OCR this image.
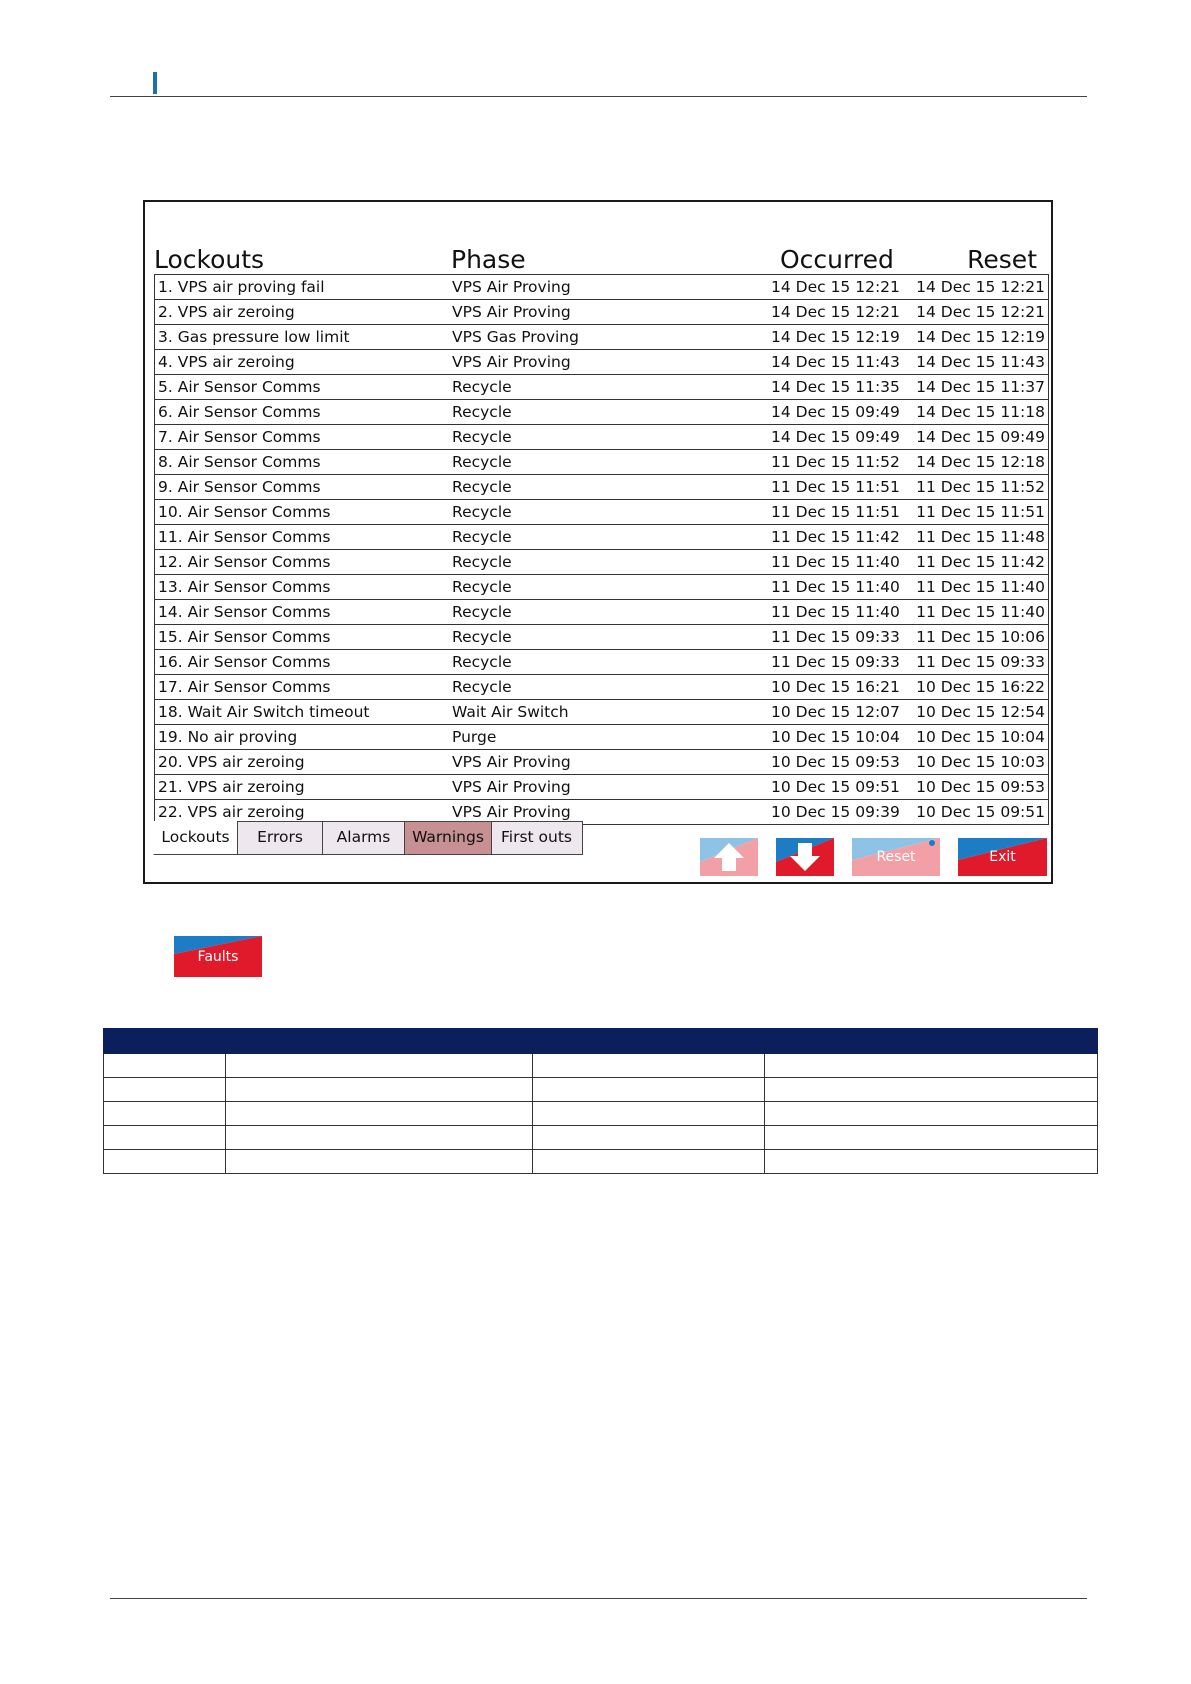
Lockouts	Phase	Occurred	Reset
1. VPS air proving fail	VPS Air Proving	14 Dec 15 12:21 14 Dec 15 12:21
2. VPS air zeroing	VPS Air Proving	14 Dec 15 12:21 14 Dec 15 12:21
3. Gas pressure low limit	VPS Gas Proving	14 Dec 15 12:19 14 Dec 15 12:19
4. VPS air zeroing	VPS Air Proving	14 Dec 15 11:43 14 Dec 15 11:43
5. Air Sensor Comms	Recycle	14 Dec 15 11:35 14 Dec 15 11:37
6. Air Sensor Comms	Recycle	14 Dec 15 09:49 14 Dec 15 11:18
7. Air Sensor Comms	Recycle	14 Dec 15 09:49 14 Dec 15 09:49
8. Air Sensor Comms	Recycle	11 Dec 15 11:52 14 Dec 15 12:18
9. Air Sensor Comms	Recycle	11 Dec 15 11:51 11 Dec 15 11:52
10. Air Sensor Comms	Recycle	11 Dec 15 11:51 11 Dec 15 11:51
11. Air Sensor Comms	Recycle	11 Dec 15 11:42 11 Dec 15 11:48
12. Air Sensor Comms	Recycle	11 Dec 15 11:40 11 Dec 15 11:42
13. Air Sensor Comms	Recycle	11 Dec 15 11:40 11 Dec 15 11:40
14. Air Sensor Comms	Recycle	11 Dec 15 11:40 11 Dec 15 11:40
15. Air Sensor Comms	Recycle	11 Dec 15 09:33 11 Dec 15 10:06
16. Air Sensor Comms	Recycle	11 Dec 15 09:33 11 Dec 15 09:33
17. Air Sensor Comms	Recycle	10 Dec 15 16:21 10 Dec 15 16:22
18. Wait Air Switch timeout	Wait Air Switch	10 Dec 15 12:07 10 Dec 15 12:54
19. No air proving	Purge	10 Dec 15 10:04 10 Dec 15 10:04
20. VPS air zeroing	VPS Air Proving	10 Dec 15 09:53 10 Dec 15 10:03
21. VPS air zeroing	VPS Air Proving	10 Dec 15 09:51 10 Dec 15 09:53
22. VPS air zeroing	VPS Air Proving	10 Dec 15 09:39 10 Dec 15 09:51
Lockouts	Errors	Alarms	Warnings	First outs
Reset	Exit
Faults
